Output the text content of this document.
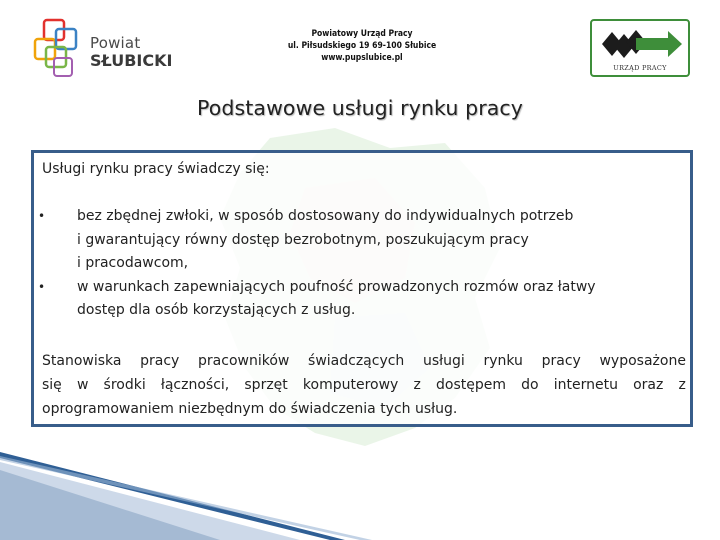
Powiat
SŁUBICKI
Powiatowy Urząd Pracy
ul. Piłsudskiego 19 69-100 Słubice
www.pupslubice.pl
URZĄD PRACY
Podstawowe usługi rynku pracy
Usługi rynku pracy świadczy się:
• bez zbędnej zwłoki, w sposób dostosowany do indywidualnych potrzeb
i gwarantujący równy dostęp bezrobotnym, poszukującym pracy
i pracodawcom,
• w warunkach zapewniających poufność prowadzonych rozmów oraz łatwy
dostęp dla osób korzystających z usług.
Stanowiska pracy pracowników świadczących usługi rynku pracy wyposażone
się w środki łączności, sprzęt komputerowy z dostępem do internetu oraz z
oprogramowaniem niezbędnym do świadczenia tych usług.
